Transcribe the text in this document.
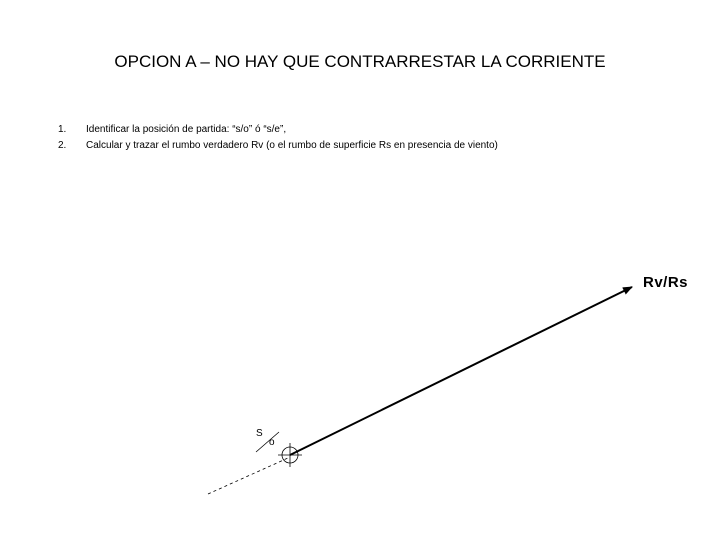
OPCION A – NO HAY QUE CONTRARRESTAR LA CORRIENTE
1.	Identificar la posición de partida: “s/o” ó “s/e”,
2.	Calcular y trazar el rumbo verdadero Rv (o el rumbo de superficie Rs en presencia de viento)
Rv/Rs
S
o
